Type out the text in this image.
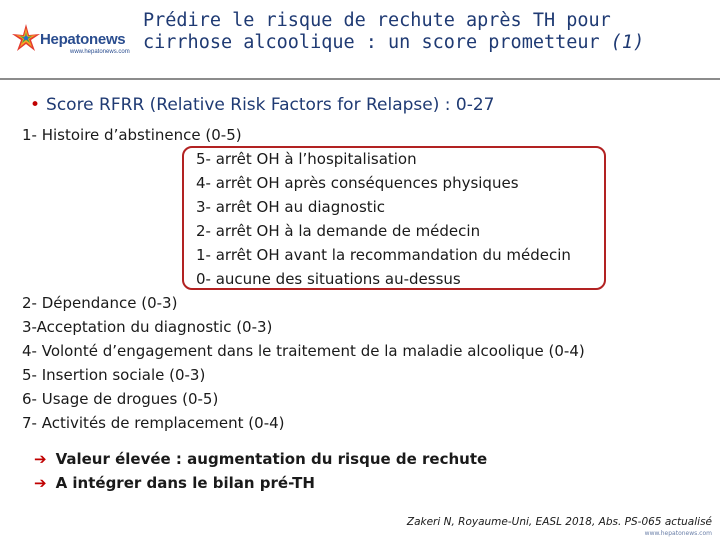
Hepatonews
www.hepatonews.com
Prédire le risque de rechute après TH pour
cirrhose alcoolique : un score prometteur (1)
• Score RFRR (Relative Risk Factors for Relapse) : 0-27
1- Histoire d’abstinence (0-5)
5- arrêt OH à l’hospitalisation
4- arrêt OH après conséquences physiques
3- arrêt OH au diagnostic
2- arrêt OH à la demande de médecin
1- arrêt OH avant la recommandation du médecin
0- aucune des situations au-dessus
2- Dépendance (0-3)
3-Acceptation du diagnostic (0-3)
4- Volonté d’engagement dans le traitement de la maladie alcoolique (0-4)
5- Insertion sociale (0-3)
6- Usage de drogues (0-5)
7- Activités de remplacement (0-4)
➔ Valeur élevée : augmentation du risque de rechute
➔ A intégrer dans le bilan pré-TH
Zakeri N, Royaume-Uni, EASL 2018, Abs. PS-065 actualisé
www.hepatonews.com
